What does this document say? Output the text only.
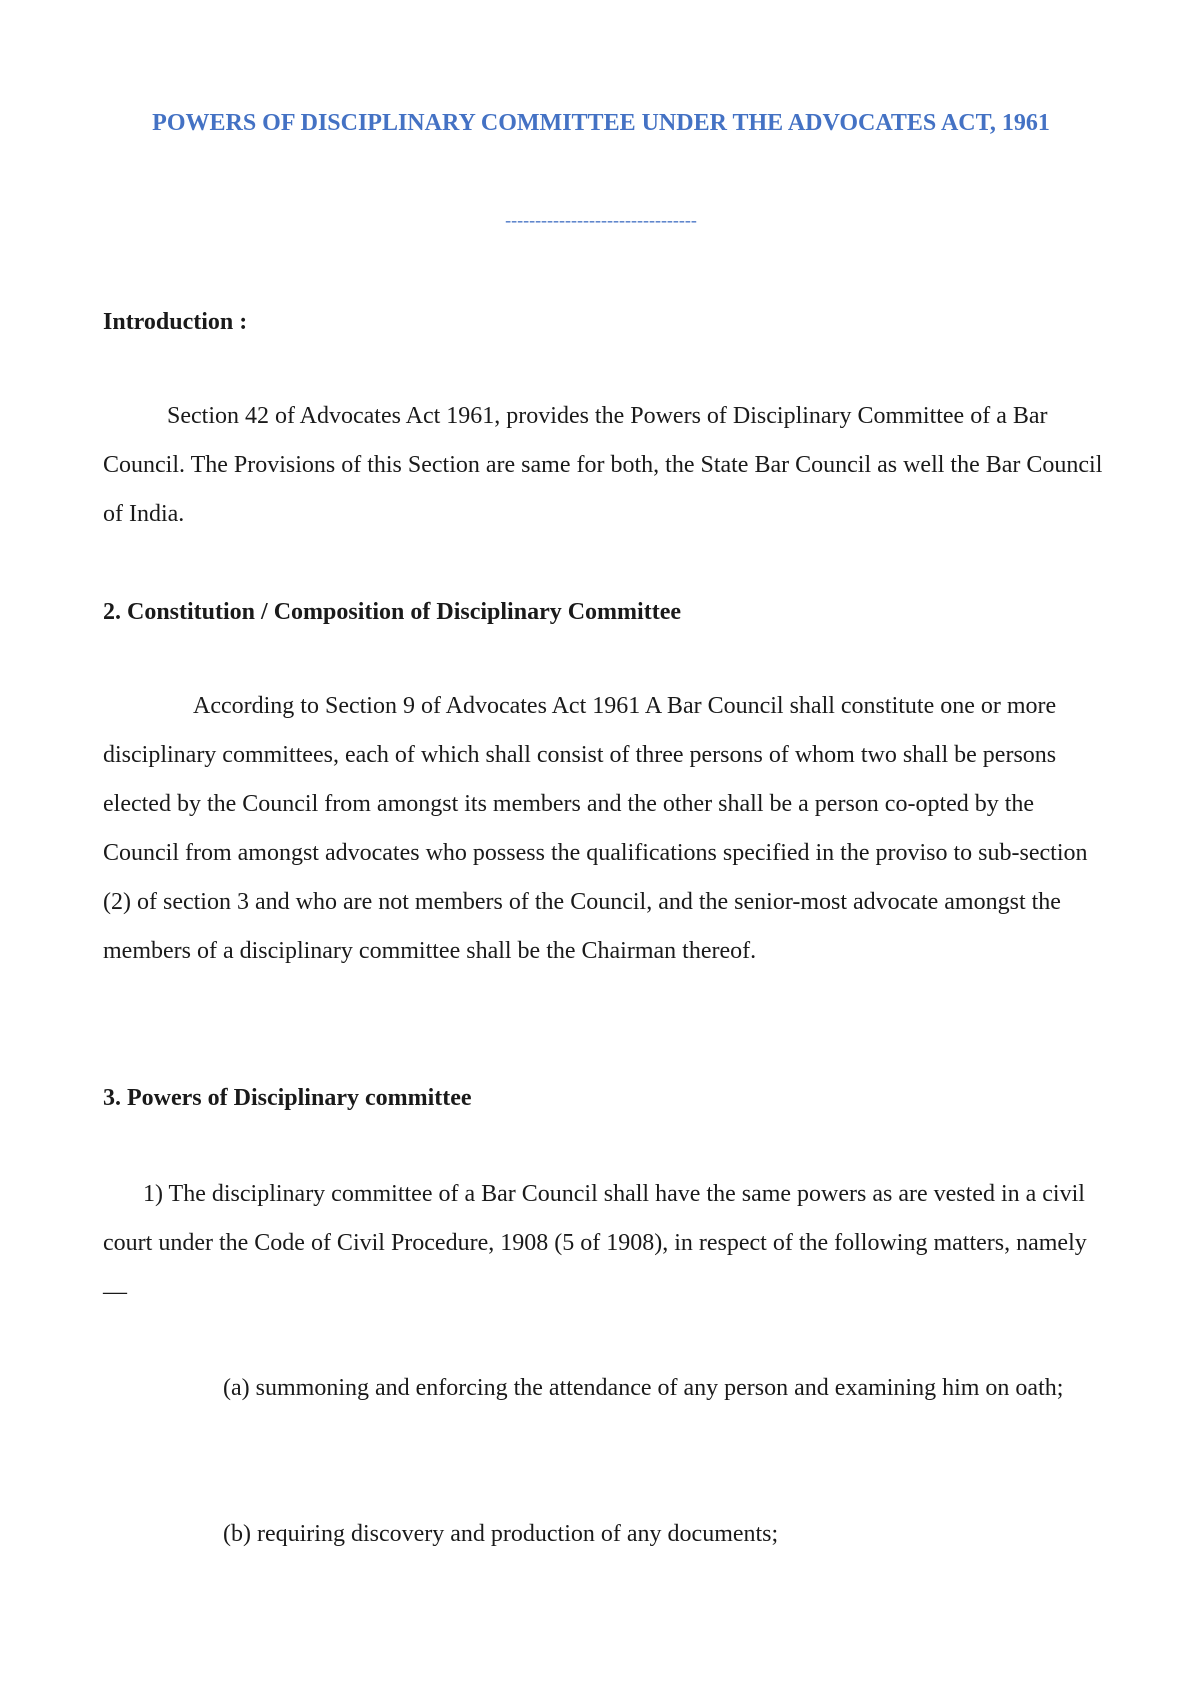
POWERS OF DISCIPLINARY COMMITTEE UNDER THE ADVOCATES ACT, 1961
--------------------------------
Introduction :

Section 42 of Advocates Act 1961, provides the Powers of Disciplinary Committee of a Bar Council. The Provisions of this Section are same for both, the State Bar Council as well the Bar Council of India.

2. Constitution / Composition of Disciplinary Committee

According to Section 9 of Advocates Act 1961 A Bar Council shall constitute one or more disciplinary committees, each of which shall consist of three persons of whom two shall be persons elected by the Council from amongst its members and the other shall be a person co-opted by the Council from amongst advocates who possess the qualifications specified in the proviso to sub-section (2) of section 3 and who are not members of the Council, and the senior-most advocate amongst the members of a disciplinary committee shall be the Chairman thereof.

3. Powers of Disciplinary committee

1) The disciplinary committee of a Bar Council shall have the same powers as are vested in a civil court under the Code of Civil Procedure, 1908 (5 of 1908), in respect of the following matters, namely —

(a) summoning and enforcing the attendance of any person and examining him on oath;

(b) requiring discovery and production of any documents;
